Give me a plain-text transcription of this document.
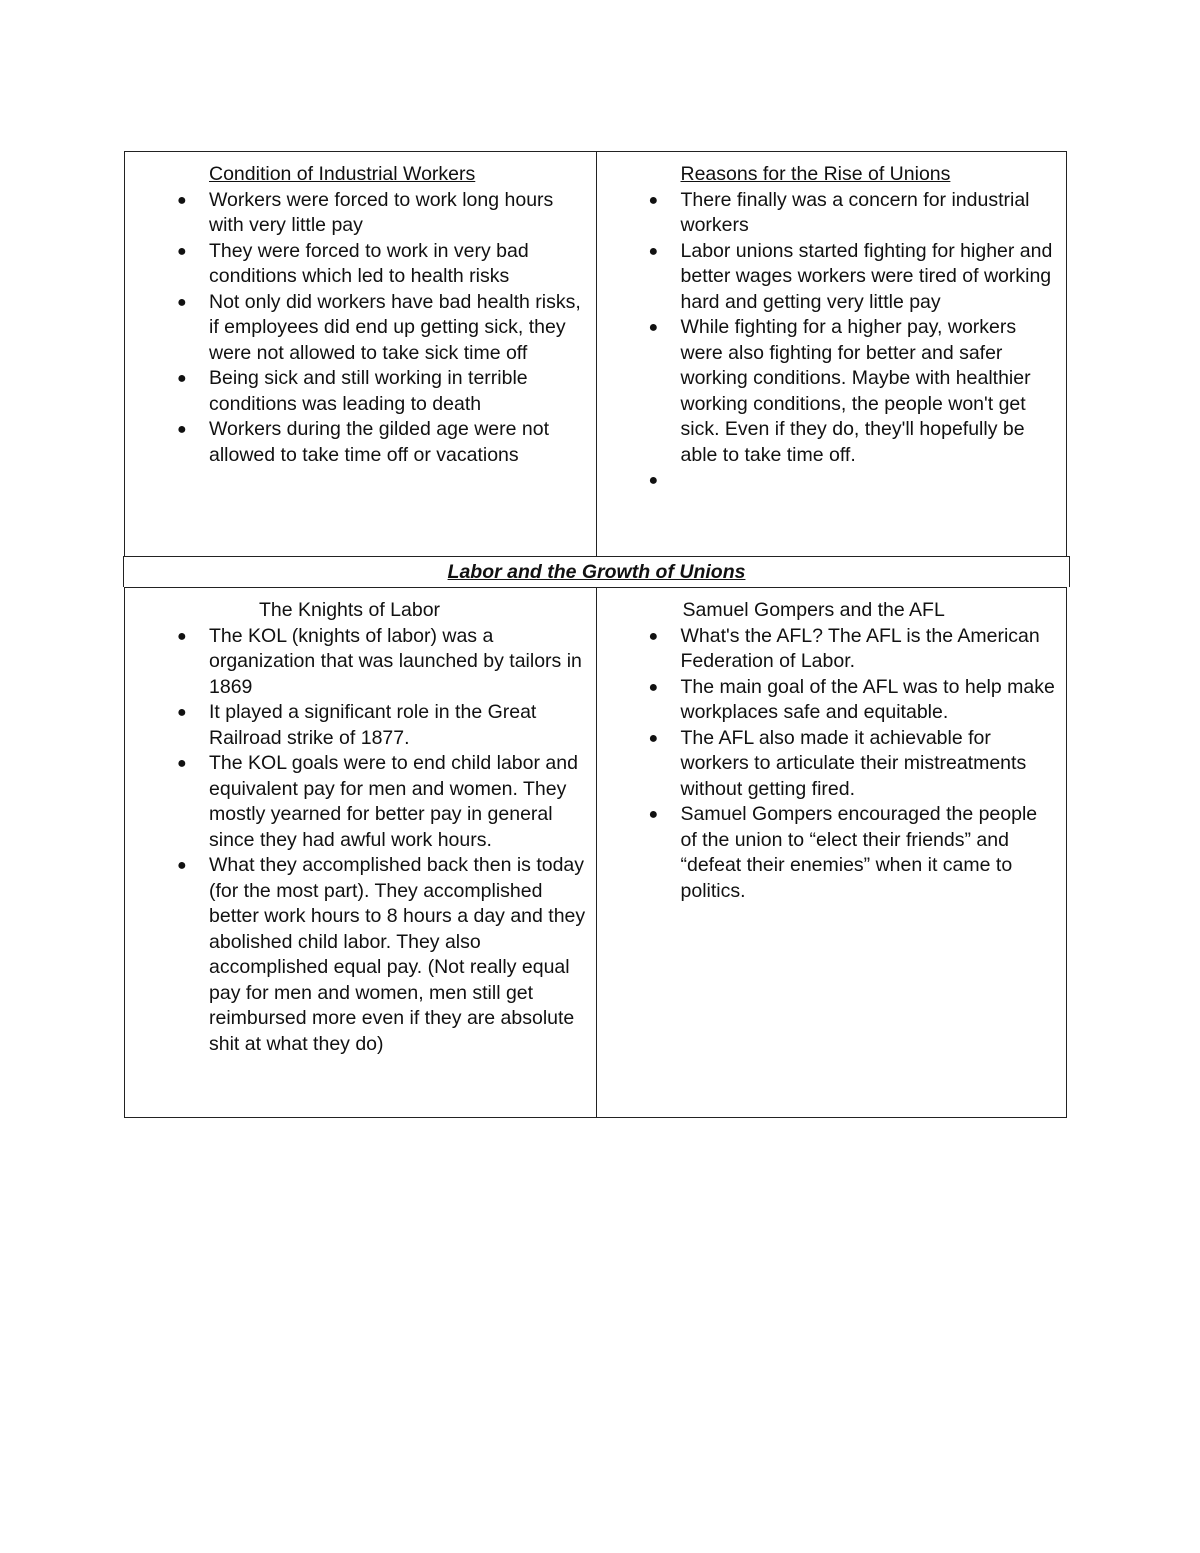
Condition of Industrial Workers

● Workers were forced to work long hours with very little pay
● They were forced to work in very bad conditions which led to health risks
● Not only did workers have bad health risks, if employees did end up getting sick, they were not allowed to take sick time off
● Being sick and still working in terrible conditions was leading to death
● Workers during the gilded age were not allowed to take time off or vacations

Reasons for the Rise of Unions

● There finally was a concern for industrial workers
● Labor unions started fighting for higher and better wages workers were tired of working hard and getting very little pay
● While fighting for a higher pay, workers were also fighting for better and safer working conditions. Maybe with healthier working conditions, the people won't get sick. Even if they do, they'll hopefully be able to take time off.
●
Labor and the Growth of Unions

The Knights of Labor

● The KOL (knights of labor) was a organization that was launched by tailors in 1869
● It played a significant role in the Great Railroad strike of 1877.
● The KOL goals were to end child labor and equivalent pay for men and women. They mostly yearned for better pay in general since they had awful work hours.
● What they accomplished back then is today (for the most part). They accomplished better work hours to 8 hours a day and they abolished child labor. They also accomplished equal pay. (Not really equal pay for men and women, men still get reimbursed more even if they are absolute shit at what they do)

Samuel Gompers and the AFL

● What's the AFL? The AFL is the American Federation of Labor.
● The main goal of the AFL was to help make workplaces safe and equitable.
● The AFL also made it achievable for workers to articulate their mistreatments without getting fired.
● Samuel Gompers encouraged the people of the union to “elect their friends” and “defeat their enemies” when it came to politics.
